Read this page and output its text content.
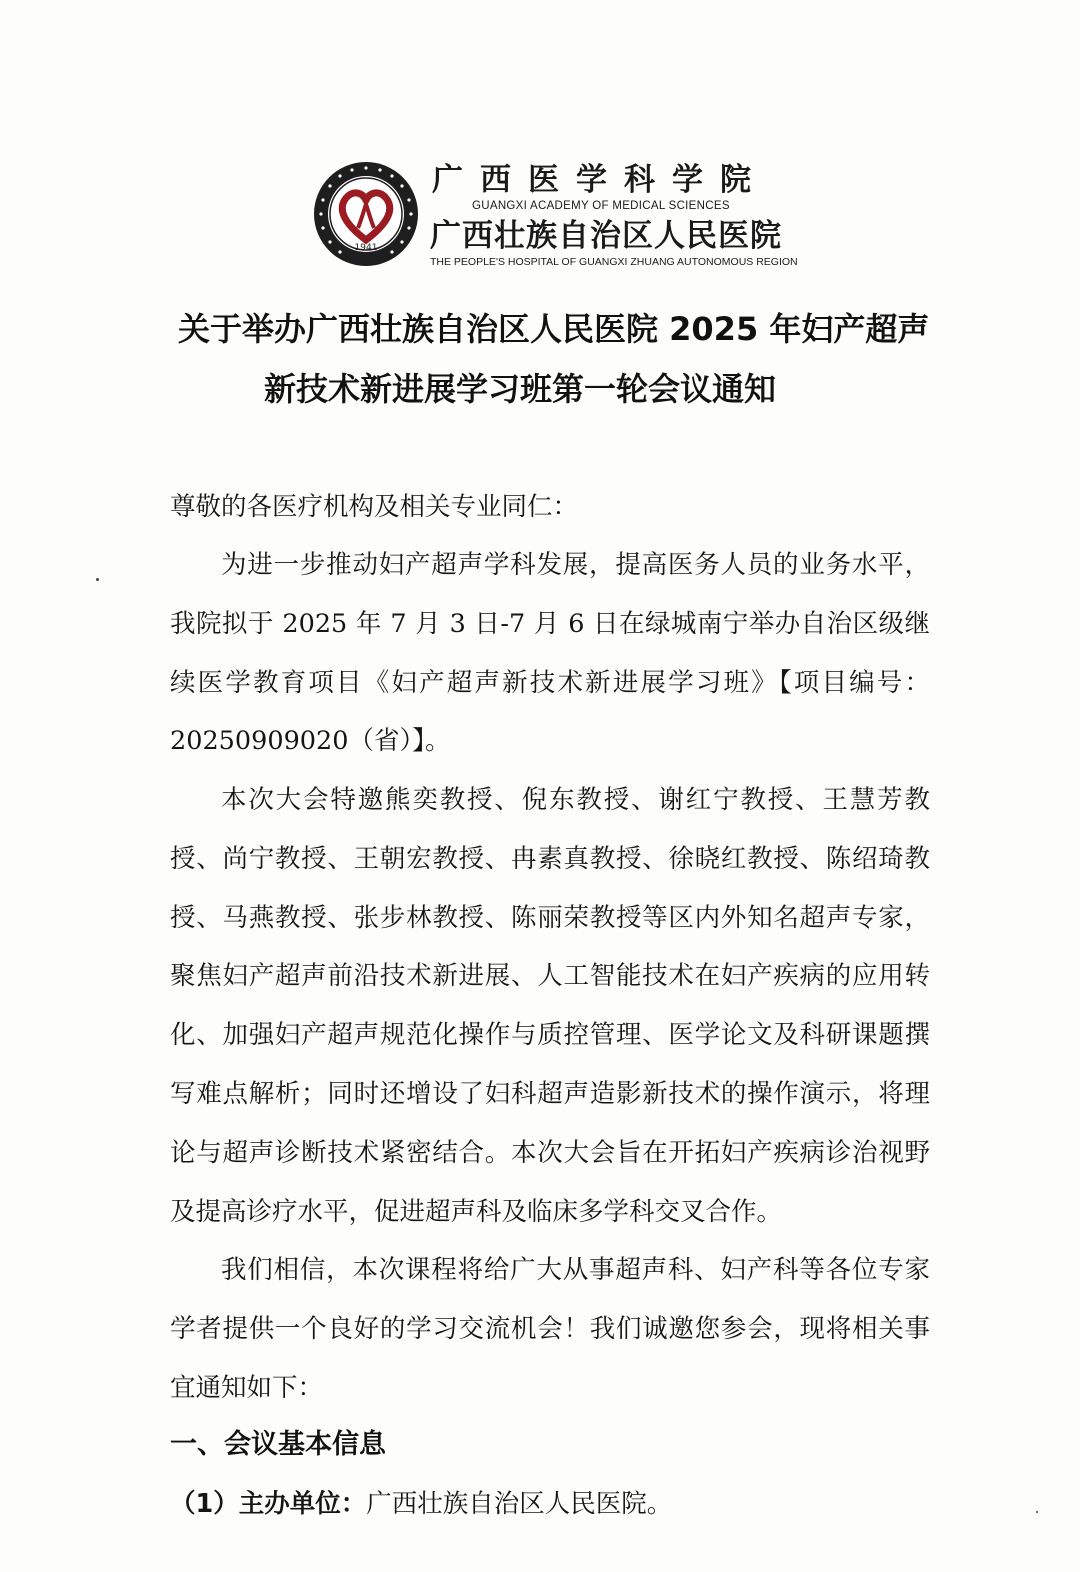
1941
广西医学科学院
GUANGXI ACADEMY OF MEDICAL SCIENCES
广西壮族自治区人民医院
THE PEOPLE'S HOSPITAL OF GUANGXI ZHUANG AUTONOMOUS REGION
关于举办广西壮族自治区人民医院 2025 年妇产超声
新技术新进展学习班第一轮会议通知
尊敬的各医疗机构及相关专业同仁：

为进一步推动妇产超声学科发展，提高医务人员的业务水平，我院拟于 2025 年 7 月 3 日-7 月 6 日在绿城南宁举办自治区级继续医学教育项目《妇产超声新技术新进展学习班》【项目编号：20250909020（省）】。

本次大会特邀熊奕教授、倪东教授、谢红宁教授、王慧芳教授、尚宁教授、王朝宏教授、冉素真教授、徐晓红教授、陈绍琦教授、马燕教授、张步林教授、陈丽荣教授等区内外知名超声专家，聚焦妇产超声前沿技术新进展、人工智能技术在妇产疾病的应用转化、加强妇产超声规范化操作与质控管理、医学论文及科研课题撰写难点解析；同时还增设了妇科超声造影新技术的操作演示，将理论与超声诊断技术紧密结合。本次大会旨在开拓妇产疾病诊治视野及提高诊疗水平，促进超声科及临床多学科交叉合作。

我们相信，本次课程将给广大从事超声科、妇产科等各位专家学者提供一个良好的学习交流机会！我们诚邀您参会，现将相关事宜通知如下：

一、会议基本信息
（1）主办单位：广西壮族自治区人民医院。
